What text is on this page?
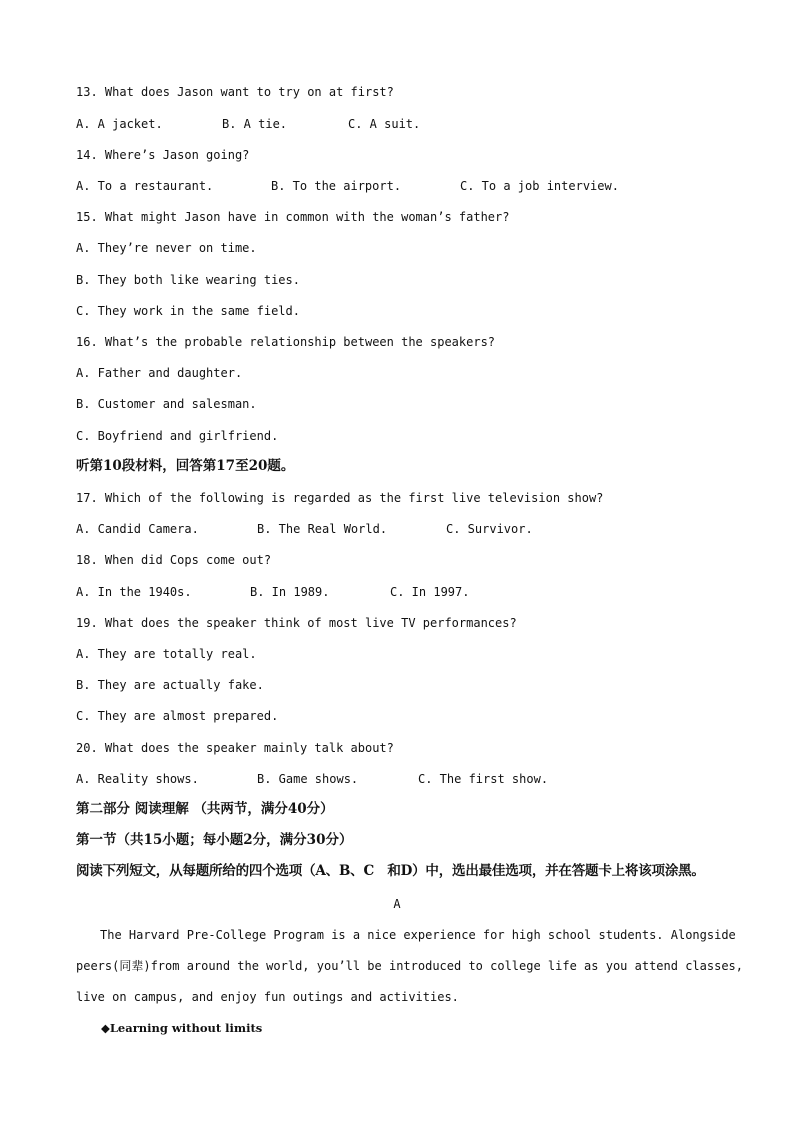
13. What does Jason want to try on at first?
A. A jacket.	B. A tie.	C. A suit.
14. Where’s Jason going?
A. To a restaurant.	B. To the airport.	C. To a job interview.
15. What might Jason have in common with the woman’s father?
A. They’re never on time.
B. They both like wearing ties.
C. They work in the same field.
16. What’s the probable relationship between the speakers?
A. Father and daughter.
B. Customer and salesman.
C. Boyfriend and girlfriend.
听第10段材料，回答第17至20题。
17. Which of the following is regarded as the first live television show?
A. Candid Camera.	B. The Real World.	C. Survivor.
18. When did Cops come out?
A. In the 1940s.	B. In 1989.	C. In 1997.
19. What does the speaker think of most live TV performances?
A. They are totally real.
B. They are actually fake.
C. They are almost prepared.
20. What does the speaker mainly talk about?
A. Reality shows.	B. Game shows.	C. The first show.
第二部分 阅读理解 （共两节，满分40分）
第一节（共15小题；每小题2分，满分30分）
阅读下列短文，从每题所给的四个选项（A、B、C　和D）中，选出最佳选项，并在答题卡上将该项涂黑。
A
The Harvard Pre-College Program is a nice experience for high school students. Alongside
peers(同辈)from around the world, you’ll be introduced to college life as you attend classes,
live on campus, and enjoy fun outings and activities.
◆Learning without limits
